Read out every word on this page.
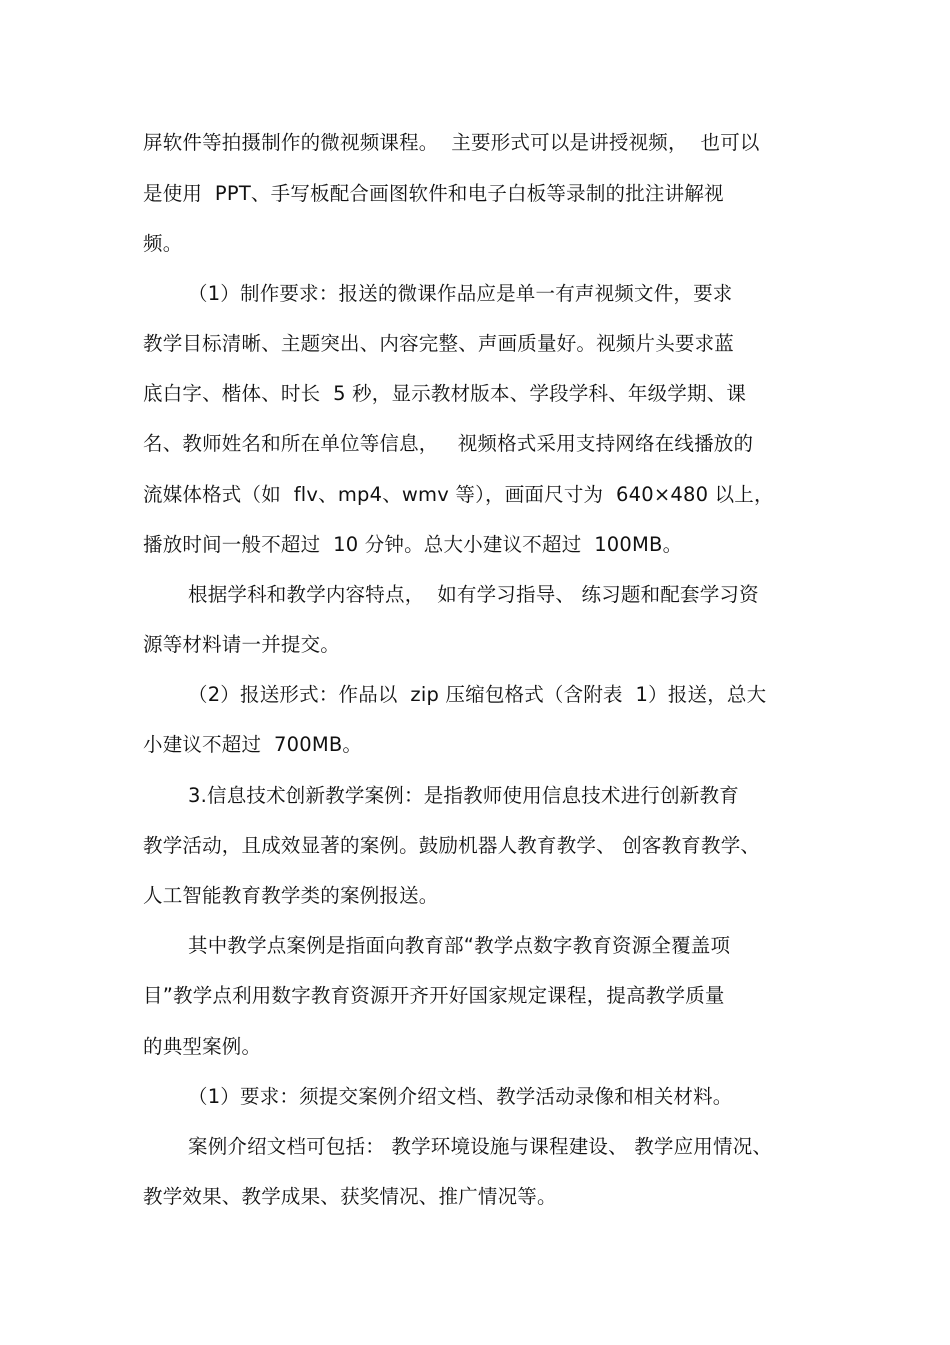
屏软件等拍摄制作的微视频课程。  主要形式可以是讲授视频，  也可以
是使用  PPT、手写板配合画图软件和电子白板等录制的批注讲解视
频。
（1）制作要求：报送的微课作品应是单一有声视频文件，要求
教学目标清晰、主题突出、内容完整、声画质量好。视频片头要求蓝
底白字、楷体、时长  5 秒，显示教材版本、学段学科、年级学期、课
名、教师姓名和所在单位等信息，   视频格式采用支持网络在线播放的
流媒体格式（如  flv、mp4、wmv 等），画面尺寸为  640×480 以上，
播放时间一般不超过  10 分钟。总大小建议不超过  100MB。
根据学科和教学内容特点，  如有学习指导、 练习题和配套学习资
源等材料请一并提交。
（2）报送形式：作品以  zip 压缩包格式（含附表  1）报送，总大
小建议不超过  700MB。
3.信息技术创新教学案例：是指教师使用信息技术进行创新教育
教学活动，且成效显著的案例。鼓励机器人教育教学、 创客教育教学、
人工智能教育教学类的案例报送。
其中教学点案例是指面向教育部“教学点数字教育资源全覆盖项
目”教学点利用数字教育资源开齐开好国家规定课程，提高教学质量
的典型案例。
（1）要求：须提交案例介绍文档、教学活动录像和相关材料。
案例介绍文档可包括： 教学环境设施与课程建设、 教学应用情况、
教学效果、教学成果、获奖情况、推广情况等。
